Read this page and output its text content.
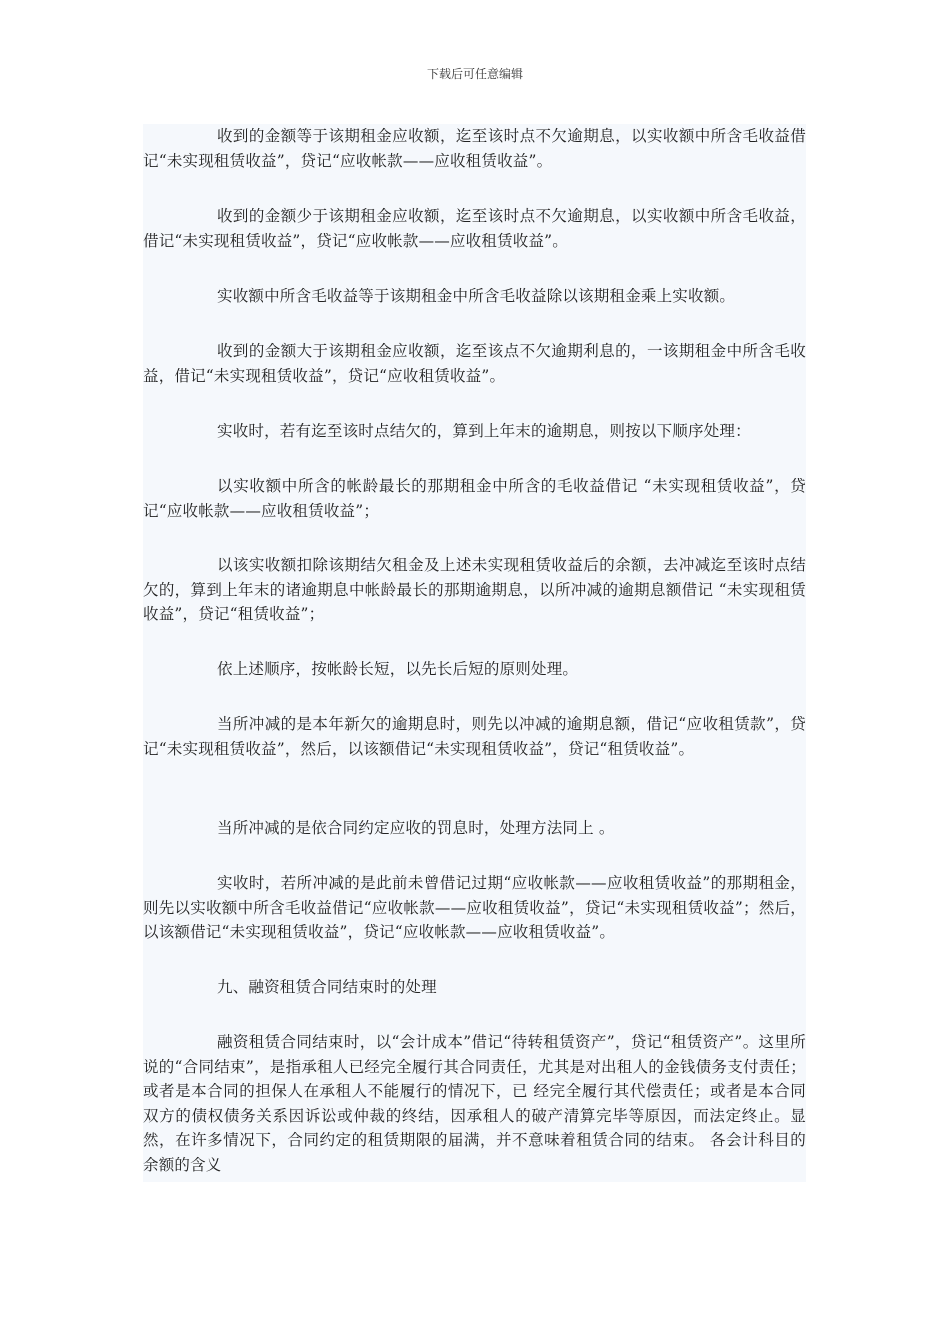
下载后可任意编辑

收到的金额等于该期租金应收额，迄至该时点不欠逾期息，以实收额中所含毛收益借记“未实现租赁收益”，贷记“应收帐款——应收租赁收益”。

收到的金额少于该期租金应收额，迄至该时点不欠逾期息，以实收额中所含毛收益，借记“未实现租赁收益”，贷记“应收帐款——应收租赁收益”。

实收额中所含毛收益等于该期租金中所含毛收益除以该期租金乘上实收额。

收到的金额大于该期租金应收额，迄至该点不欠逾期利息的，一该期租金中所含毛收益，借记“未实现租赁收益”，贷记“应收租赁收益”。

实收时，若有迄至该时点结欠的，算到上年末的逾期息，则按以下顺序处理：

以实收额中所含的帐龄最长的那期租金中所含的毛收益借记 “未实现租赁收益”，贷记“应收帐款——应收租赁收益”；

以该实收额扣除该期结欠租金及上述未实现租赁收益后的余额，去冲减迄至该时点结欠的，算到上年末的诸逾期息中帐龄最长的那期逾期息，以所冲减的逾期息额借记 “未实现租赁收益”，贷记“租赁收益”；

依上述顺序，按帐龄长短，以先长后短的原则处理。

当所冲减的是本年新欠的逾期息时，则先以冲减的逾期息额，借记“应收租赁款”，贷记“未实现租赁收益”，然后，以该额借记“未实现租赁收益”，贷记“租赁收益”。

当所冲减的是依合同约定应收的罚息时，处理方法同上 。

实收时，若所冲减的是此前未曾借记过期“应收帐款——应收租赁收益”的那期租金，则先以实收额中所含毛收益借记“应收帐款——应收租赁收益”，贷记“未实现租赁收益”；然后，以该额借记“未实现租赁收益”，贷记“应收帐款——应收租赁收益”。

九、融资租赁合同结束时的处理

融资租赁合同结束时，以“会计成本”借记“待转租赁资产”，贷记“租赁资产”。这里所说的“合同结束”，是指承租人已经完全履行其合同责任，尤其是对出租人的金钱债务支付责任；或者是本合同的担保人在承租人不能履行的情况下，已 经完全履行其代偿责任；或者是本合同双方的债权债务关系因诉讼或仲裁的终结，因承租人的破产清算完毕等原因，而法定终止。显然，在许多情况下，合同约定的租赁期限的届满，并不意味着租赁合同的结束。 各会计科目的余额的含义
